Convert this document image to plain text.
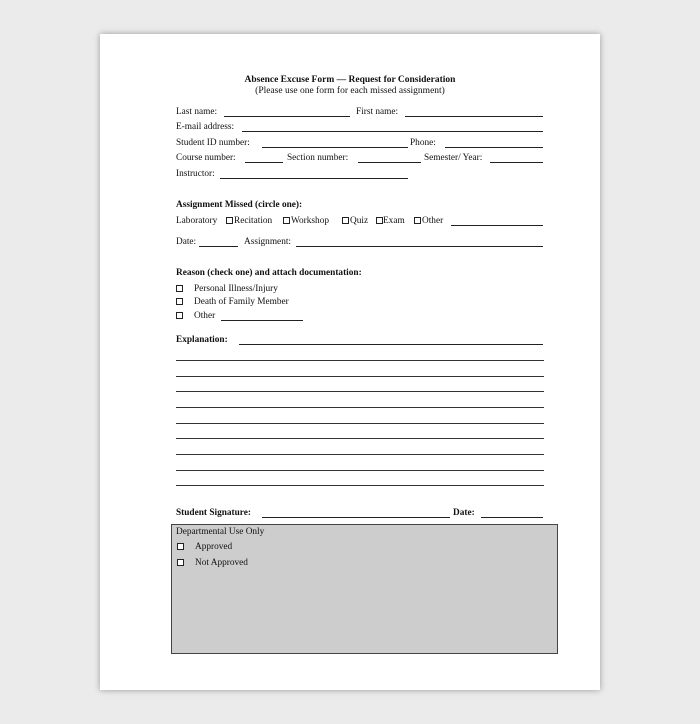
Absence Excuse Form — Request for Consideration
(Please use one form for each missed assignment)
Last name:	First name:
E-mail address:
Student ID number:	Phone:
Course number:	Section number:	Semester/ Year:
Instructor:
Assignment Missed (circle one):
Laboratory Recitation Workshop Quiz Exam Other
Date:	Assignment:
Reason (check one) and attach documentation:
Personal Illness/Injury
Death of Family Member
Other
Explanation:
Student Signature:	Date:
Departmental Use Only
Approved
Not Approved
